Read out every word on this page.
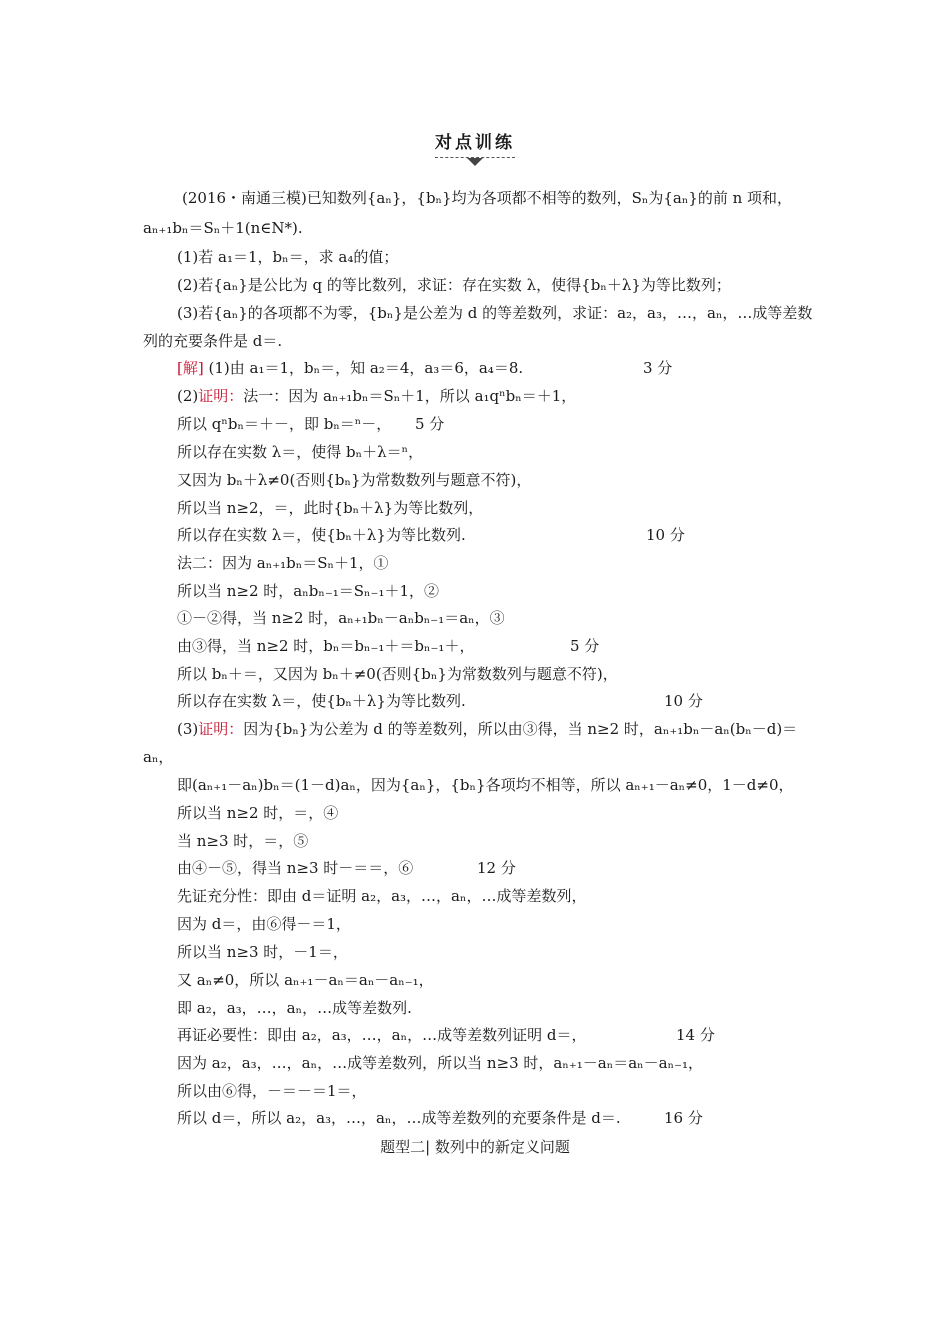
对点训练
(2016・南通三模)已知数列{aₙ}，{bₙ}均为各项都不相等的数列，Sₙ为{aₙ}的前 n 项和，
aₙ₊₁bₙ＝Sₙ＋1(n∈N*).
(1)若 a₁＝1，bₙ＝，求 a₄的值；
(2)若{aₙ}是公比为 q 的等比数列，求证：存在实数 λ，使得{bₙ＋λ}为等比数列；
(3)若{aₙ}的各项都不为零，{bₙ}是公差为 d 的等差数列，求证：a₂，a₃，…，aₙ，…成等差数
列的充要条件是 d＝.
[解] (1)由 a₁＝1，bₙ＝，知 a₂＝4，a₃＝6，a₄＝8.
(2)证明：法一：因为 aₙ₊₁bₙ＝Sₙ＋1，所以 a₁qⁿbₙ＝＋1，
所以 qⁿbₙ＝＋－，即 bₙ＝ⁿ－，
所以存在实数 λ＝，使得 bₙ＋λ＝ⁿ，
又因为 bₙ＋λ≠0(否则{bₙ}为常数数列与题意不符)，
所以当 n≥2，＝，此时{bₙ＋λ}为等比数列，
所以存在实数 λ＝，使{bₙ＋λ}为等比数列.
法二：因为 aₙ₊₁bₙ＝Sₙ＋1，①
所以当 n≥2 时，aₙbₙ₋₁＝Sₙ₋₁＋1，②
①－②得，当 n≥2 时，aₙ₊₁bₙ－aₙbₙ₋₁＝aₙ，③
由③得，当 n≥2 时，bₙ＝bₙ₋₁＋＝bₙ₋₁＋，
所以 bₙ＋＝，又因为 bₙ＋≠0(否则{bₙ}为常数数列与题意不符)，
所以存在实数 λ＝，使{bₙ＋λ}为等比数列.
(3)证明：因为{bₙ}为公差为 d 的等差数列，所以由③得，当 n≥2 时，aₙ₊₁bₙ－aₙ(bₙ－d)＝
aₙ，
即(aₙ₊₁－aₙ)bₙ＝(1－d)aₙ，因为{aₙ}，{bₙ}各项均不相等，所以 aₙ₊₁－aₙ≠0，1－d≠0，
所以当 n≥2 时，＝，④
当 n≥3 时，＝，⑤
由④－⑤，得当 n≥3 时－＝＝，⑥
先证充分性：即由 d＝证明 a₂，a₃，…，aₙ，…成等差数列，
因为 d＝，由⑥得－＝1，
所以当 n≥3 时，－1＝，
又 aₙ≠0，所以 aₙ₊₁－aₙ＝aₙ－aₙ₋₁，
即 a₂，a₃，…，aₙ，…成等差数列.
再证必要性：即由 a₂，a₃，…，aₙ，…成等差数列证明 d＝，
因为 a₂，a₃，…，aₙ，…成等差数列，所以当 n≥3 时，aₙ₊₁－aₙ＝aₙ－aₙ₋₁，
所以由⑥得，－＝－＝1＝，
所以 d＝，所以 a₂，a₃，…，aₙ，…成等差数列的充要条件是 d＝.
3 分
5 分
10 分
5 分
10 分
12 分
14 分
16 分
题型二| 数列中的新定义问题
